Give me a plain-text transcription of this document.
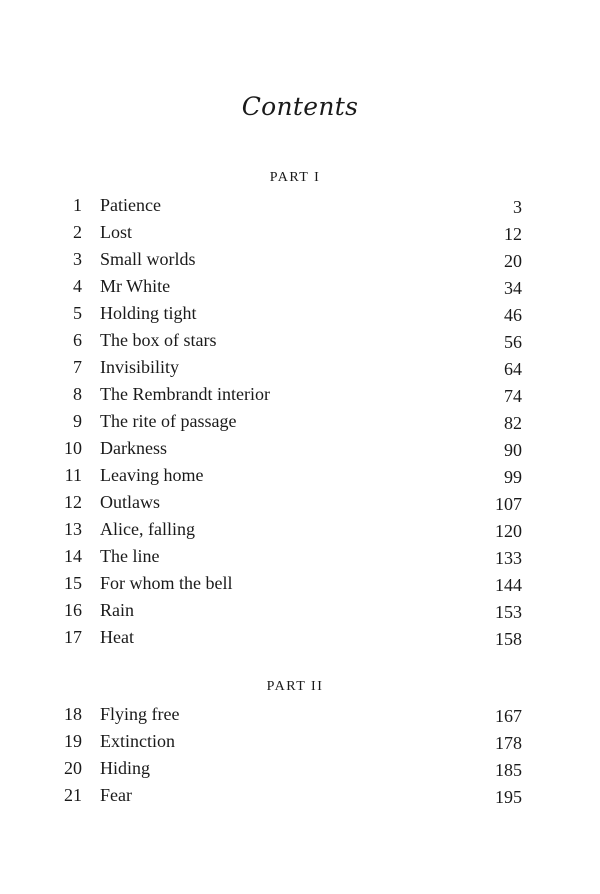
Contents
PART I
1 Patience	3
2 Lost	12
3 Small worlds	20
4 Mr White	34
5 Holding tight	46
6 The box of stars	56
7 Invisibility	64
8 The Rembrandt interior	74
9 The rite of passage	82
10 Darkness	90
11 Leaving home	99
12 Outlaws	107
13 Alice, falling	120
14 The line	133
15 For whom the bell	144
16 Rain	153
17 Heat	158
PART II
18 Flying free	167
19 Extinction	178
20 Hiding	185
21 Fear	195
